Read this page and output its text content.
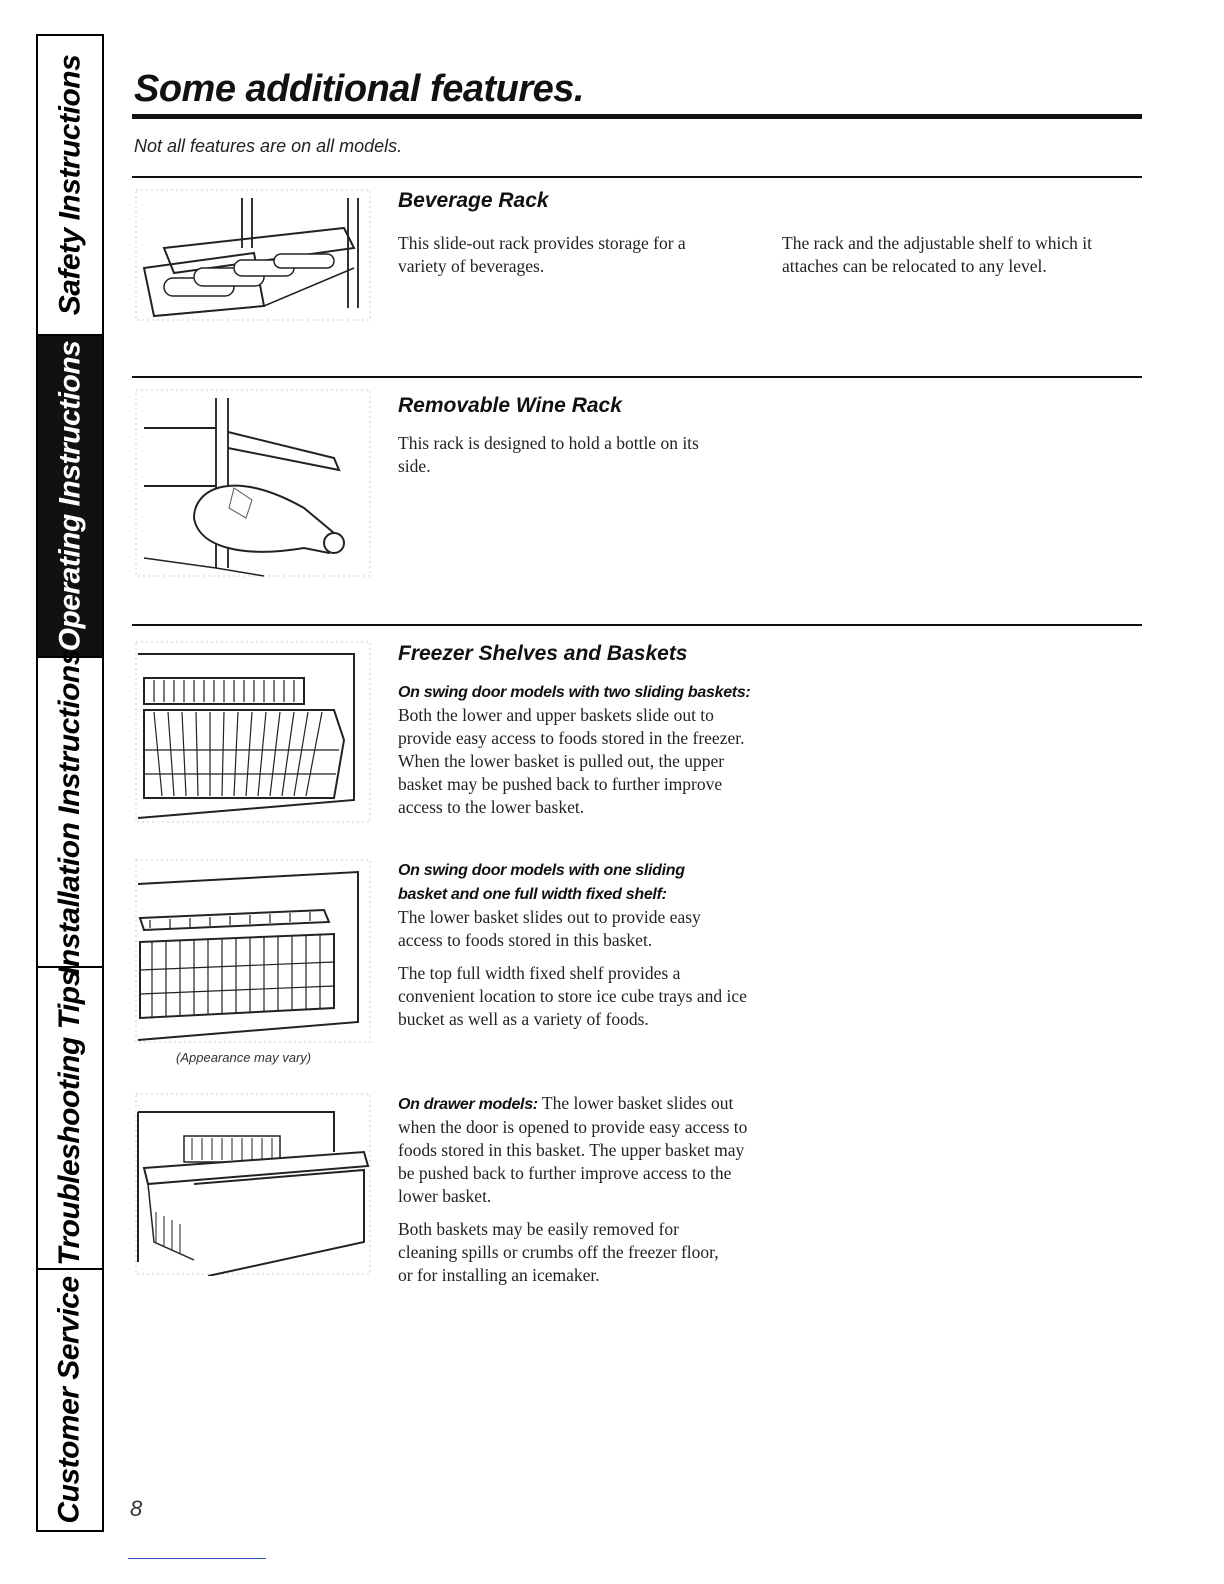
Safety Instructions
Operating Instructions
Installation Instructions
Troubleshooting Tips
Customer Service
Some additional features.
Not all features are on all models.
Beverage Rack

This slide-out rack provides storage for a variety of beverages.

The rack and the adjustable shelf to which it attaches can be relocated to any level.

Removable Wine Rack

This rack is designed to hold a bottle on its side.

Freezer Shelves and Baskets

On swing door models with two sliding baskets: Both the lower and upper baskets slide out to provide easy access to foods stored in the freezer. When the lower basket is pulled out, the upper basket may be pushed back to further improve access to the lower basket.

On swing door models with one sliding basket and one full width fixed shelf:
The lower basket slides out to provide easy access to foods stored in this basket.

The top full width fixed shelf provides a convenient location to store ice cube trays and ice bucket as well as a variety of foods.

(Appearance may vary)

On drawer models: The lower basket slides out when the door is opened to provide easy access to foods stored in this basket. The upper basket may be pushed back to further improve access to the lower basket.

Both baskets may be easily removed for cleaning spills or crumbs off the freezer floor, or for installing an icemaker.

8
